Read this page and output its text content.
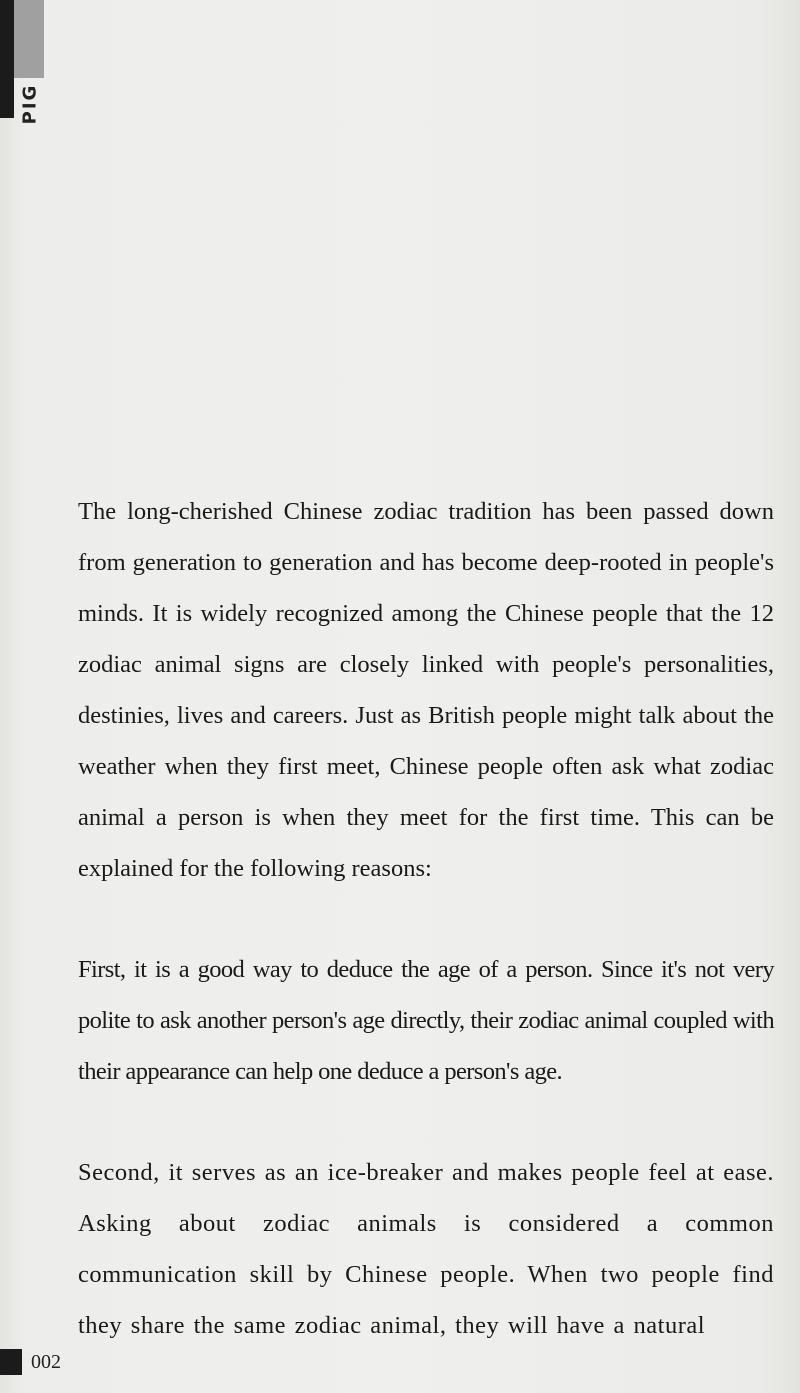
PIG

The long-cherished Chinese zodiac tradition has been passed down from generation to generation and has become deep-rooted in people's minds. It is widely recognized among the Chinese people that the 12 zodiac animal signs are closely linked with people's personalities, destinies, lives and careers. Just as British people might talk about the weather when they first meet, Chinese people often ask what zodiac animal a person is when they meet for the first time. This can be explained for the following reasons:

First, it is a good way to deduce the age of a person. Since it's not very polite to ask another person's age directly, their zodiac animal coupled with their appearance can help one deduce a person's age.

Second, it serves as an ice-breaker and makes people feel at ease. Asking about zodiac animals is considered a common communication skill by Chinese people. When two people find they share the same zodiac animal, they will have a natural

002
